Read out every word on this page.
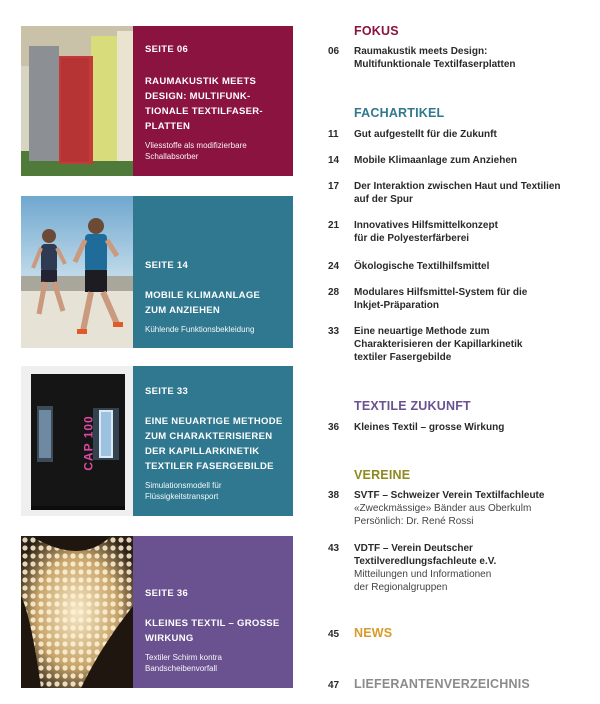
SEITE 06
RAUMAKUSTIK MEETS
DESIGN: MULTIFUNK-
TIONALE TEXTILFASER-
PLATTEN
Vliesstoffe als modifizierbare
Schallabsorber
SEITE 14
MOBILE KLIMAANLAGE
ZUM ANZIEHEN
Kühlende Funktionsbekleidung
CAP 100
SEITE 33
EINE NEUARTIGE METHODE
ZUM CHARAKTERISIEREN
DER KAPILLARKINETIK
TEXTILER FASERGEBILDE
Simulationsmodell für
Flüssigkeitstransport
SEITE 36
KLEINES TEXTIL – GROSSE
WIRKUNG
Textiler Schirm kontra
Bandscheibenvorfall
FOKUS
06 Raumakustik meets Design:
Multifunktionale Textilfaserplatten
FACHARTIKEL
11 Gut aufgestellt für die Zukunft
14 Mobile Klimaanlage zum Anziehen
17 Der Interaktion zwischen Haut und Textilien
auf der Spur
21 Innovatives Hilfsmittelkonzept
für die Polyesterfärberei
24 Ökologische Textilhilfsmittel
28 Modulares Hilfsmittel-System für die
Inkjet-Präparation
33 Eine neuartige Methode zum
Charakterisieren der Kapillarkinetik
textiler Fasergebilde
TEXTILE ZUKUNFT
36 Kleines Textil – grosse Wirkung
VEREINE
38 SVTF – Schweizer Verein Textilfachleute
«Zweckmässige» Bänder aus Oberkulm
Persönlich: Dr. René Rossi
43 VDTF – Verein Deutscher
Textilveredlungsfachleute e.V.
Mitteilungen und Informationen
der Regionalgruppen
45 NEWS
47 LIEFERANTENVERZEICHNIS
